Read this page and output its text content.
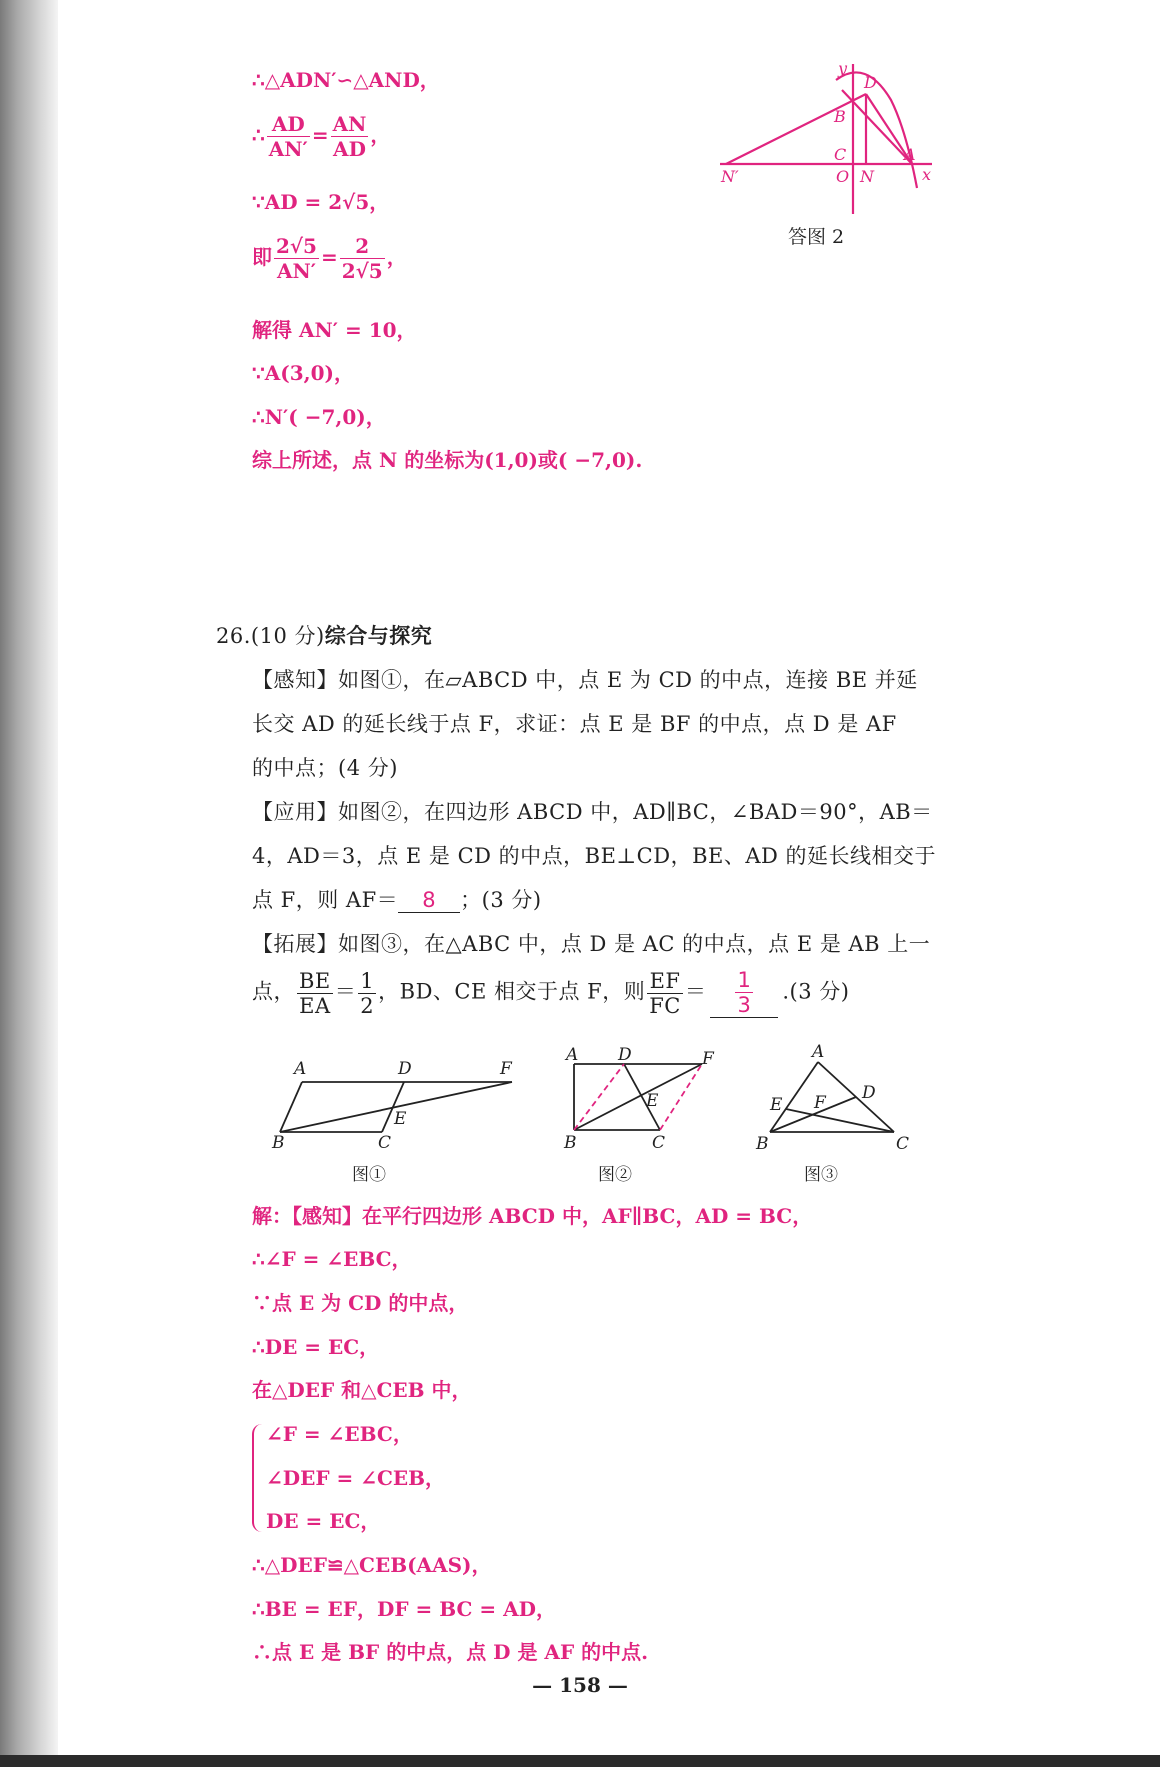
∴△ADN′∽△AND，
∴ $\frac{AD}{AN'} = \frac{AN}{AD}$ ，
∵AD = 2√5，
即 $\frac{2√5}{AN'} = \frac{2}{2√5}$ ，
解得 AN′ = 10，
∵A(3,0)，
∴N′( −7,0)，
综上所述，点 N 的坐标为(1,0)或( −7,0).
y
D
B
C	A
x
N′	O N
答图 2
26.(10 分)综合与探究
【感知】如图①，在▱ABCD 中，点 E 为 CD 的中点，连接 BE 并延
长交 AD 的延长线于点 F，求证：点 E 是 BF 的中点，点 D 是 AF
的中点；(4 分)
【应用】如图②，在四边形 ABCD 中，AD∥BC，∠BAD＝90°，AB＝
4，AD＝3，点 E 是 CD 的中点，BE⊥CD，BE、AD 的延长线相交于
点 F，则 AF＝ 8 ；(3 分)
【拓展】如图③，在△ABC 中，点 D 是 AC 的中点，点 E 是 AB 上一
点， $\frac{BE}{EA} = \frac{1}{2}$ ，BD、CE 相交于点 F，则 $\frac{EF}{FC} = \frac{1}{3} .(3$ 分)
A	D	F
B	C
E
图①
A D	F
B	C
E
图②
A
D
E F
B	C
图③
解：【感知】在平行四边形 ABCD 中，AF∥BC，AD = BC，
∴∠F = ∠EBC，
∵点 E 为 CD 的中点，
∴DE = EC，
在△DEF 和△CEB 中，
∠F = ∠EBC，
∠DEF = ∠CEB，
DE = EC，
∴△DEF≌△CEB(AAS)，
∴BE = EF，DF = BC = AD，
∴点 E 是 BF 的中点，点 D 是 AF 的中点.
— 158 —
